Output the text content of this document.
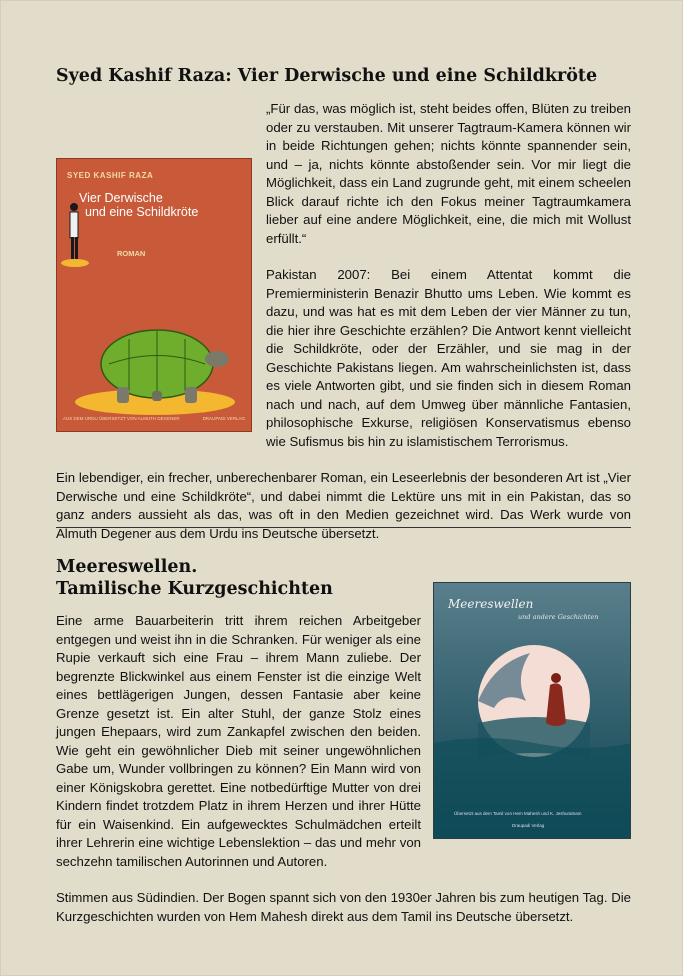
Syed Kashif Raza: Vier Derwische und eine Schildkröte
SYED KASHIF RAZA
Vier Derwische
und eine Schildkröte
ROMAN
AUS DEM URDU ÜBERSETZT VON ALMUTH DEGENER	DRAUPADI VERLAG

„Für das, was möglich ist, steht beides offen, Blüten zu treiben oder zu verstauben. Mit unserer Tagtraum-Kamera können wir in beide Richtungen gehen; nichts könnte spannender sein, und – ja, nichts könnte abstoßender sein. Vor mir liegt die Möglichkeit, dass ein Land zugrunde geht, mit einem scheelen Blick darauf richte ich den Fokus meiner Tagtraumkamera lieber auf eine andere Möglichkeit, eine, die mich mit Wollust erfüllt.“

Pakistan 2007: Bei einem Attentat kommt die Premierministerin Benazir Bhutto ums Leben. Wie kommt es dazu, und was hat es mit dem Leben der vier Männer zu tun, die hier ihre Geschichte erzählen? Die Antwort kennt vielleicht die Schildkröte, oder der Erzähler, und sie mag in der Geschichte Pakistans liegen. Am wahrscheinlichsten ist, dass es viele Antworten gibt, und sie finden sich in diesem Roman nach und nach, auf dem Umweg über männliche Fantasien, philosophische Exkurse, religiösen Konservatismus ebenso wie Sufismus bis hin zu islamistischem Terrorismus.

Ein lebendiger, ein frecher, unberechenbarer Roman, ein Leseerlebnis der besonderen Art ist „Vier Derwische und eine Schildkröte“, und dabei nimmt die Lektüre uns mit in ein Pakistan, das so ganz anders aussieht als das, was oft in den Medien gezeichnet wird. Das Werk wurde von Almuth Degener aus dem Urdu ins Deutsche übersetzt.

Meereswellen.
Tamilische Kurzgeschichten
Meereswellen
und andere Geschichten
Übersetzt aus dem Tamil von Hem Mahesh und K. Jeshuratnam
Draupadi Verlag

Eine arme Bauarbeiterin tritt ihrem reichen Arbeitgeber entgegen und weist ihn in die Schranken. Für weniger als eine Rupie verkauft sich eine Frau – ihrem Mann zuliebe. Der begrenzte Blickwinkel aus einem Fenster ist die einzige Welt eines bettlägerigen Jungen, dessen Fantasie aber keine Grenze gesetzt ist. Ein alter Stuhl, der ganze Stolz eines jungen Ehepaars, wird zum Zankapfel zwischen den beiden. Wie geht ein gewöhnlicher Dieb mit seiner ungewöhnlichen Gabe um, Wunder vollbringen zu können? Ein Mann wird von einer Königskobra gerettet. Eine notbedürftige Mutter von drei Kindern findet trotzdem Platz in ihrem Herzen und ihrer Hütte für ein Waisenkind. Ein aufgewecktes Schulmädchen erteilt ihrer Lehrerin eine wichtige Lebenslektion – das und mehr von sechzehn tamilischen Autorinnen und Autoren.

Stimmen aus Südindien. Der Bogen spannt sich von den 1930er Jahren bis zum heutigen Tag. Die Kurzgeschichten wurden von Hem Mahesh direkt aus dem Tamil ins Deutsche übersetzt.
